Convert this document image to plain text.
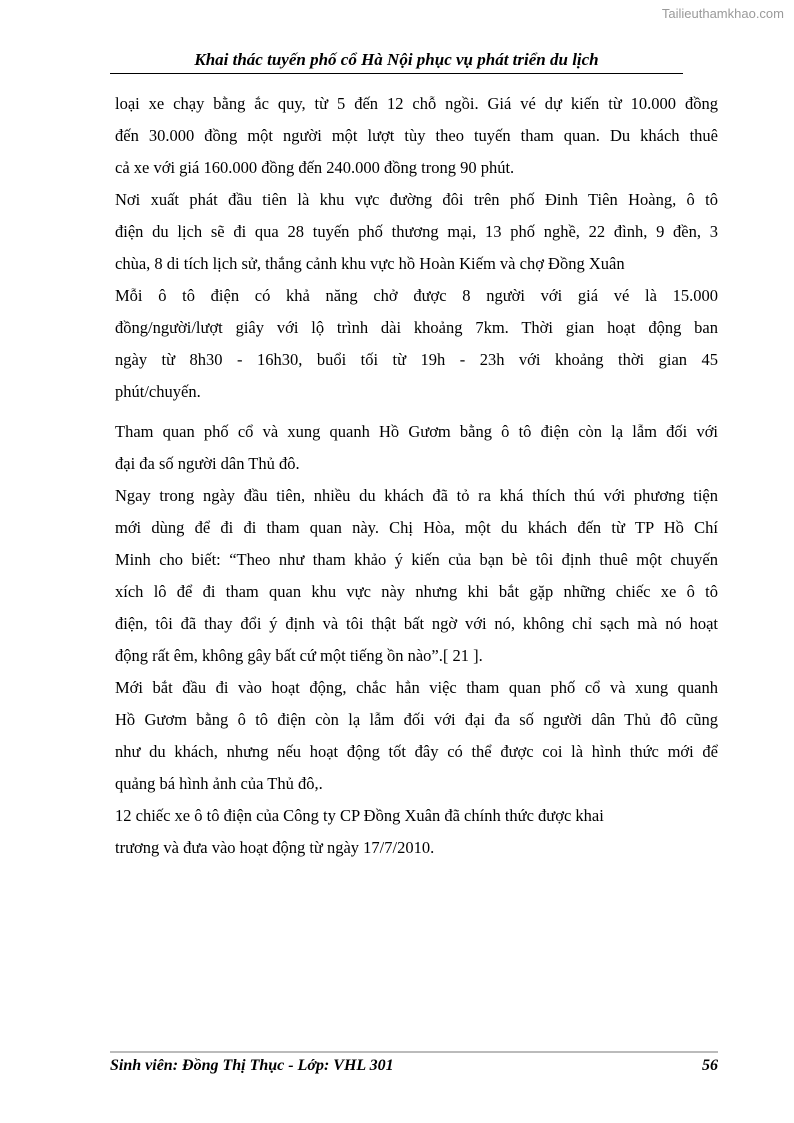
Tailieuthamkhao.com
Khai thác tuyến phố cổ Hà Nội phục vụ phát triển du lịch
loại xe chạy bằng ắc quy, từ 5 đến 12 chỗ ngồi. Giá vé dự kiến từ 10.000 đồng
đến 30.000 đồng một người một lượt tùy theo tuyến tham quan. Du khách thuê
cả xe với giá 160.000 đồng đến 240.000 đồng trong 90 phút.
Nơi xuất phát đầu tiên là khu vực đường đôi trên phố Đinh Tiên Hoàng, ô tô
điện du lịch sẽ đi qua 28 tuyến phố thương mại, 13 phố nghề, 22 đình, 9 đền, 3
chùa, 8 di tích lịch sử, thắng cảnh khu vực hồ Hoàn Kiếm và chợ Đồng Xuân
Mỗi ô tô điện có khả năng chở được 8 người với giá vé là 15.000
đồng/người/lượt giây với lộ trình dài khoảng 7km. Thời gian hoạt động ban
ngày từ 8h30 - 16h30, buổi tối từ 19h - 23h với khoảng thời gian 45
phút/chuyến.
Tham quan phố cổ và xung quanh Hồ Gươm bằng ô tô điện còn lạ lẫm đối với
đại đa số người dân Thủ đô.
Ngay trong ngày đầu tiên, nhiều du khách đã tỏ ra khá thích thú với phương tiện
mới dùng để đi đi tham quan này. Chị Hòa, một du khách đến từ TP Hồ Chí
Minh cho biết: “Theo như tham khảo ý kiến của bạn bè tôi định thuê một chuyến
xích lô để đi tham quan khu vực này nhưng khi bắt gặp những chiếc xe ô tô
điện, tôi đã thay đổi ý định và tôi thật bất ngờ với nó, không chỉ sạch mà nó hoạt
động rất êm, không gây bất cứ một tiếng ồn nào”.[ 21 ].
Mới bắt đầu đi vào hoạt động, chắc hẳn việc tham quan phố cổ và xung quanh
Hồ Gươm bằng ô tô điện còn lạ lẫm đối với đại đa số người dân Thủ đô cũng
như du khách, nhưng nếu hoạt động tốt đây có thể được coi là hình thức mới để
quảng bá hình ảnh của Thủ đô,.
12 chiếc xe ô tô điện của Công ty CP Đồng Xuân đã chính thức được khai
trương và đưa vào hoạt động từ ngày 17/7/2010.
Sinh viên: Đồng Thị Thục - Lớp: VHL 301	56
